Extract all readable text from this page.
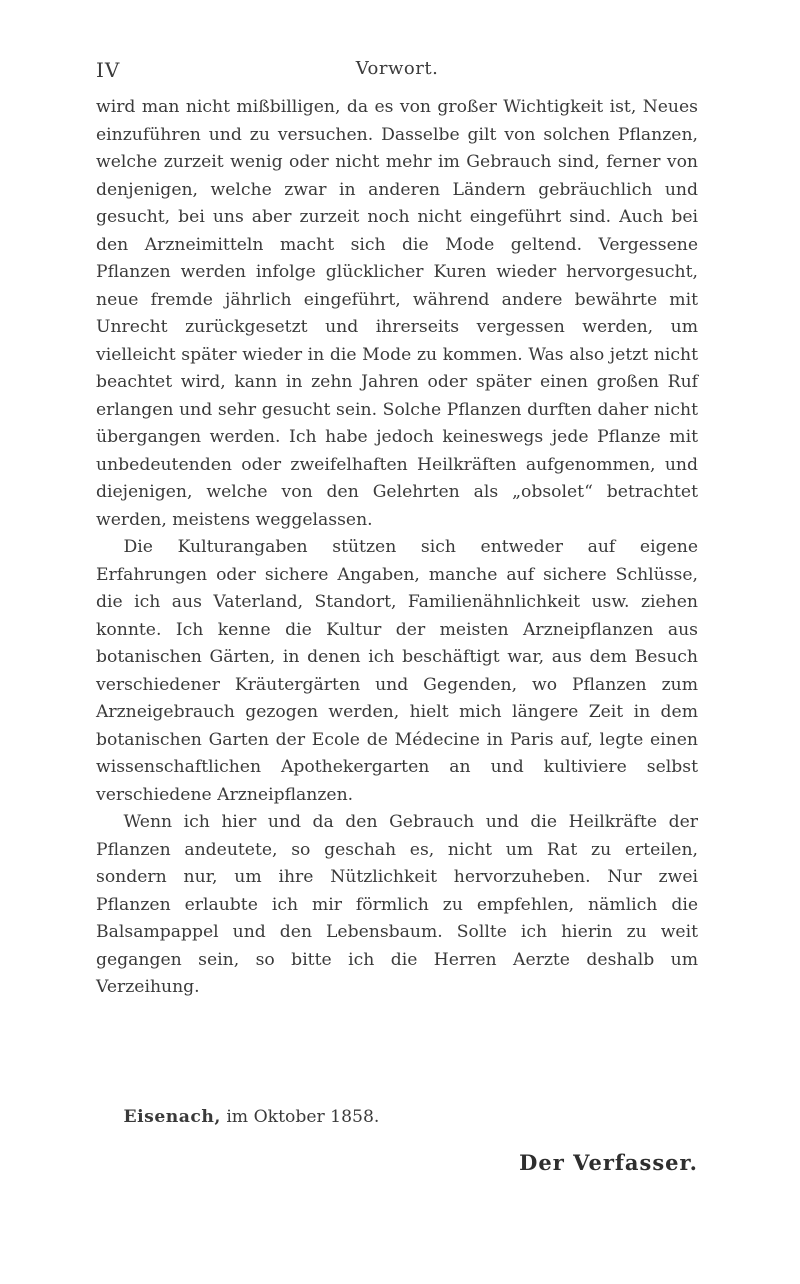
IV	Vorwort.

wird man nicht mißbilligen, da es von großer Wichtigkeit ist, Neues einzuführen und zu versuchen. Dasselbe gilt von solchen Pflanzen, welche zurzeit wenig oder nicht mehr im Gebrauch sind, ferner von denjenigen, welche zwar in anderen Ländern gebräuchlich und gesucht, bei uns aber zurzeit noch nicht eingeführt sind. Auch bei den Arzneimitteln macht sich die Mode geltend. Vergessene Pflanzen werden infolge glücklicher Kuren wieder hervorgesucht, neue fremde jährlich eingeführt, während andere bewährte mit Unrecht zurückgesetzt und ihrerseits vergessen werden, um vielleicht später wieder in die Mode zu kommen. Was also jetzt nicht beachtet wird, kann in zehn Jahren oder später einen großen Ruf erlangen und sehr gesucht sein. Solche Pflanzen durften daher nicht übergangen werden. Ich habe jedoch keineswegs jede Pflanze mit unbedeutenden oder zweifelhaften Heilkräften aufgenommen, und diejenigen, welche von den Gelehrten als „obsolet“ betrachtet werden, meistens weggelassen.

Die Kulturangaben stützen sich entweder auf eigene Erfahrungen oder sichere Angaben, manche auf sichere Schlüsse, die ich aus Vaterland, Standort, Familienähnlichkeit usw. ziehen konnte. Ich kenne die Kultur der meisten Arzneipflanzen aus botanischen Gärten, in denen ich beschäftigt war, aus dem Besuch verschiedener Kräutergärten und Gegenden, wo Pflanzen zum Arzneigebrauch gezogen werden, hielt mich längere Zeit in dem botanischen Garten der Ecole de Médecine in Paris auf, legte einen wissenschaftlichen Apothekergarten an und kultiviere selbst verschiedene Arzneipflanzen.

Wenn ich hier und da den Gebrauch und die Heilkräfte der Pflanzen andeutete, so geschah es, nicht um Rat zu erteilen, sondern nur, um ihre Nützlichkeit hervorzuheben. Nur zwei Pflanzen erlaubte ich mir förmlich zu empfehlen, nämlich die Balsampappel und den Lebensbaum. Sollte ich hierin zu weit gegangen sein, so bitte ich die Herren Aerzte deshalb um Verzeihung.

Eisenach, im Oktober 1858.
Der Verfasser.
